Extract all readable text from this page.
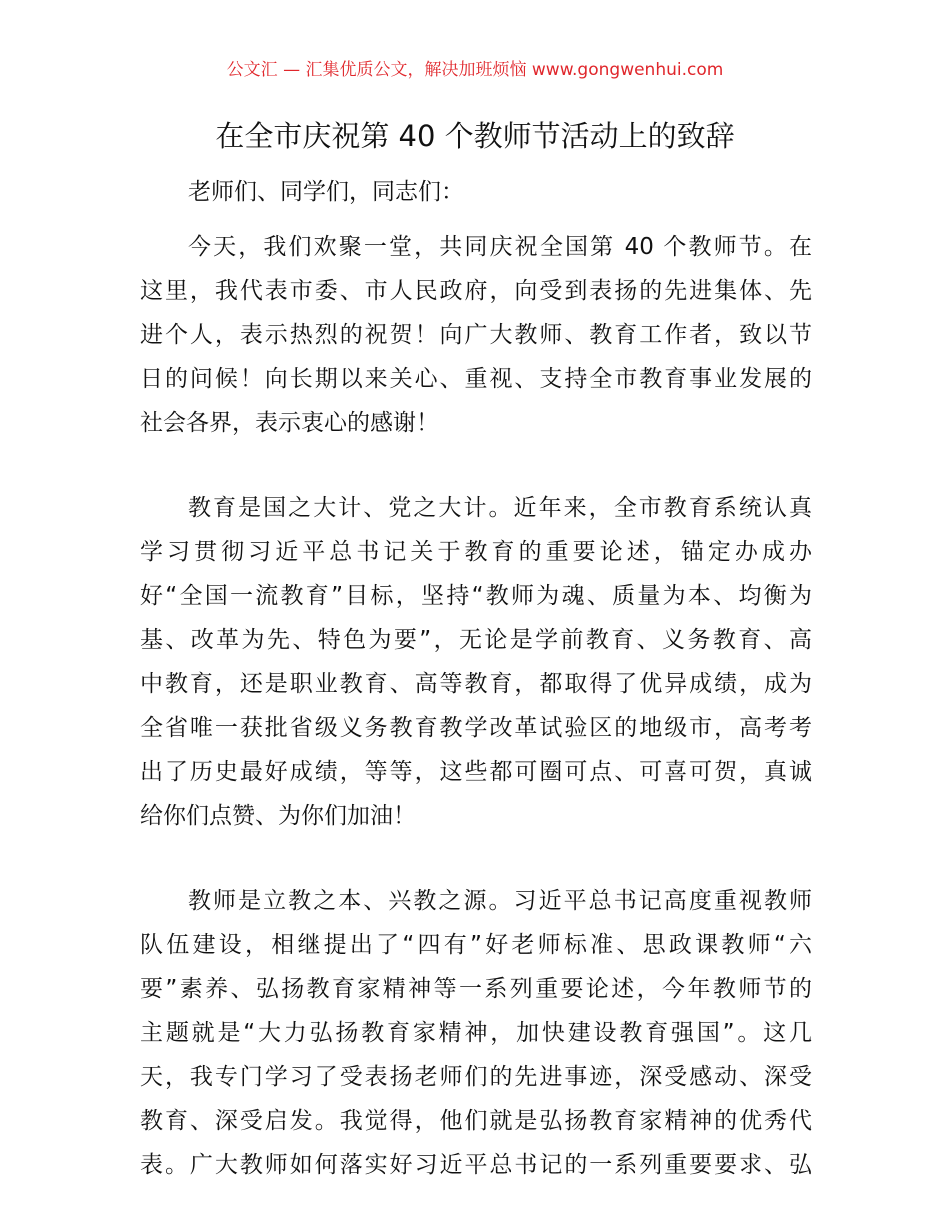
公文汇 — 汇集优质公文，解决加班烦恼 www.gongwenhui.com
在全市庆祝第 40 个教师节活动上的致辞
老师们、同学们，同志们：
今天，我们欢聚一堂，共同庆祝全国第 40 个教师节。在
这里，我代表市委、市人民政府，向受到表扬的先进集体、先
进个人，表示热烈的祝贺！向广大教师、教育工作者，致以节
日的问候！向长期以来关心、重视、支持全市教育事业发展的
社会各界，表示衷心的感谢！
教育是国之大计、党之大计。近年来，全市教育系统认真
学习贯彻习近平总书记关于教育的重要论述，锚定办成办
好“全国一流教育”目标，坚持“教师为魂、质量为本、均衡为
基、改革为先、特色为要”，无论是学前教育、义务教育、高
中教育，还是职业教育、高等教育，都取得了优异成绩，成为
全省唯一获批省级义务教育教学改革试验区的地级市，高考考
出了历史最好成绩，等等，这些都可圈可点、可喜可贺，真诚
给你们点赞、为你们加油！
教师是立教之本、兴教之源。习近平总书记高度重视教师
队伍建设，相继提出了“四有”好老师标准、思政课教师“六
要”素养、弘扬教育家精神等一系列重要论述，今年教师节的
主题就是“大力弘扬教育家精神，加快建设教育强国”。这几
天，我专门学习了受表扬老师们的先进事迹，深受感动、深受
教育、深受启发。我觉得，他们就是弘扬教育家精神的优秀代
表。广大教师如何落实好习近平总书记的一系列重要要求、弘
